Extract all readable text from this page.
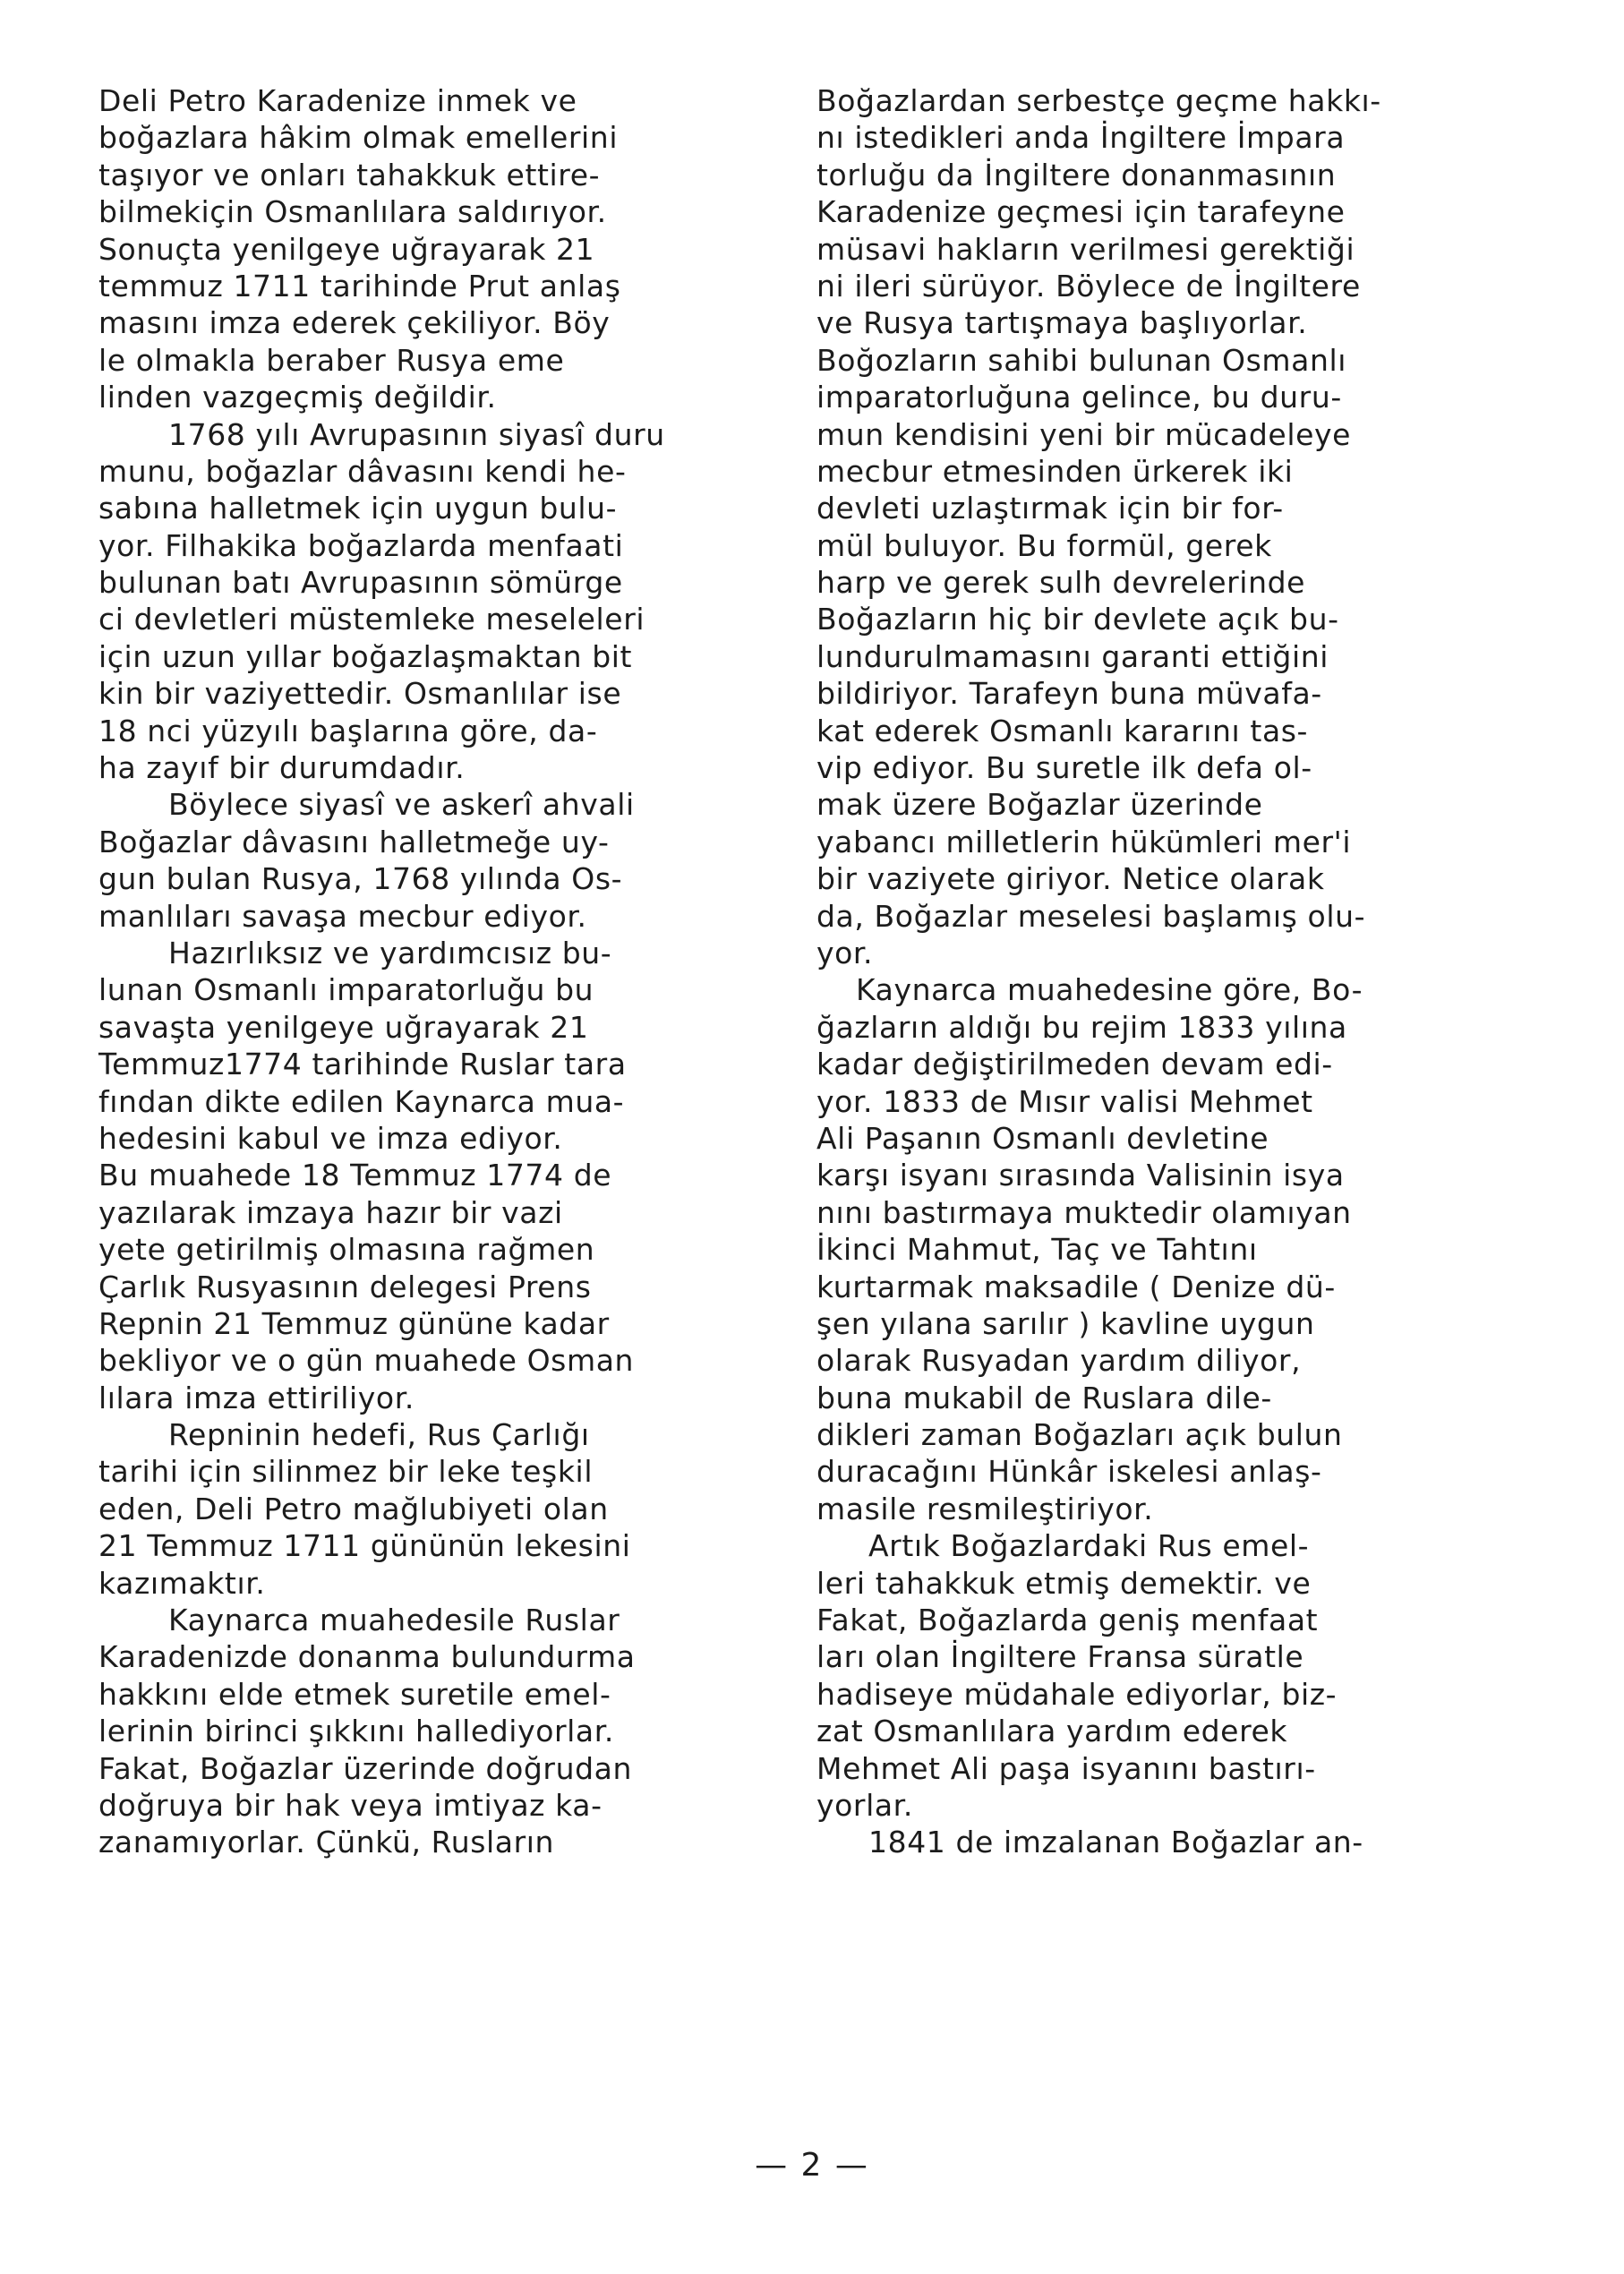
Deli Petro Karadenize inmek ve
boğazlara hâkim olmak emellerini
taşıyor ve onları tahakkuk ettire-
bilmekiçin Osmanlılara saldırıyor.
Sonuçta yenilgeye uğrayarak 21
temmuz 1711 tarihinde Prut anlaş
masını imza ederek çekiliyor. Böy
le olmakla beraber Rusya eme
linden vazgeçmiş değildir.
1768 yılı Avrupasının siyasî duru
munu, boğazlar dâvasını kendi he-
sabına halletmek için uygun bulu-
yor. Filhakika boğazlarda menfaati
bulunan batı Avrupasının sömürge
ci devletleri müstemleke meseleleri
için uzun yıllar boğazlaşmaktan bit
kin bir vaziyettedir. Osmanlılar ise
18 nci yüzyılı başlarına göre, da-
ha zayıf bir durumdadır.
Böylece siyasî ve askerî ahvali
Boğazlar dâvasını halletmeğe uy-
gun bulan Rusya, 1768 yılında Os-
manlıları savaşa mecbur ediyor.
Hazırlıksız ve yardımcısız bu-
lunan Osmanlı imparatorluğu bu
savaşta yenilgeye uğrayarak 21
Temmuz1774 tarihinde Ruslar tara
fından dikte edilen Kaynarca mua-
hedesini kabul ve imza ediyor.
Bu muahede 18 Temmuz 1774 de
yazılarak imzaya hazır bir vazi
yete getirilmiş olmasına rağmen
Çarlık Rusyasının delegesi Prens
Repnin 21 Temmuz gününe kadar
bekliyor ve o gün muahede Osman
lılara imza ettiriliyor.
Repninin hedefi, Rus Çarlığı
tarihi için silinmez bir leke teşkil
eden, Deli Petro mağlubiyeti olan
21 Temmuz 1711 gününün lekesini
kazımaktır.
Kaynarca muahedesile Ruslar
Karadenizde donanma bulundurma
hakkını elde etmek suretile emel-
lerinin birinci şıkkını hallediyorlar.
Fakat, Boğazlar üzerinde doğrudan
doğruya bir hak veya imtiyaz ka-
zanamıyorlar. Çünkü, Rusların
Boğazlardan serbestçe geçme hakkı-
nı istedikleri anda İngiltere İmpara
torluğu da İngiltere donanmasının
Karadenize geçmesi için tarafeyne
müsavi hakların verilmesi gerektiği
ni ileri sürüyor. Böylece de İngiltere
ve Rusya tartışmaya başlıyorlar.
Boğozların sahibi bulunan Osmanlı
imparatorluğuna gelince, bu duru-
mun kendisini yeni bir mücadeleye
mecbur etmesinden ürkerek iki
devleti uzlaştırmak için bir for-
mül buluyor. Bu formül, gerek
harp ve gerek sulh devrelerinde
Boğazların hiç bir devlete açık bu-
lundurulmamasını garanti ettiğini
bildiriyor. Tarafeyn buna müvafa-
kat ederek Osmanlı kararını tas-
vip ediyor. Bu suretle ilk defa ol-
mak üzere Boğazlar üzerinde
yabancı milletlerin hükümleri mer'i
bir vaziyete giriyor. Netice olarak
da, Boğazlar meselesi başlamış olu-
yor.
Kaynarca muahedesine göre, Bo-
ğazların aldığı bu rejim 1833 yılına
kadar değiştirilmeden devam edi-
yor. 1833 de Mısır valisi Mehmet
Ali Paşanın Osmanlı devletine
karşı isyanı sırasında Valisinin isya
nını bastırmaya muktedir olamıyan
İkinci Mahmut, Taç ve Tahtını
kurtarmak maksadile ( Denize dü-
şen yılana sarılır ) kavline uygun
olarak Rusyadan yardım diliyor,
buna mukabil de Ruslara dile-
dikleri zaman Boğazları açık bulun
duracağını Hünkâr iskelesi anlaş-
masile resmileştiriyor.
Artık Boğazlardaki Rus emel-
leri tahakkuk etmiş demektir. ve
Fakat, Boğazlarda geniş menfaat
ları olan İngiltere Fransa süratle
hadiseye müdahale ediyorlar, biz-
zat Osmanlılara yardım ederek
Mehmet Ali paşa isyanını bastırı-
yorlar.
1841 de imzalanan Boğazlar an-
— 2 —
